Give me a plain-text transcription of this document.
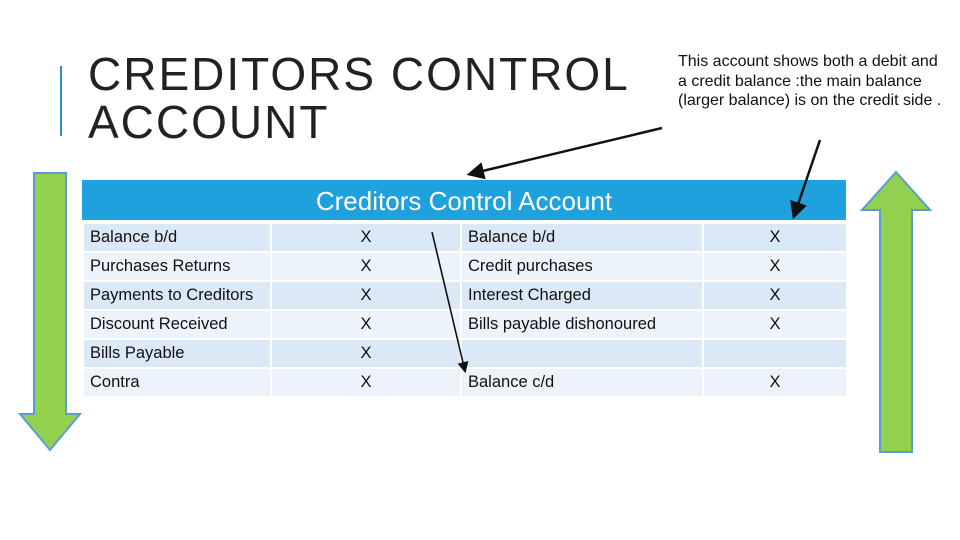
CREDITORS CONTROL
ACCOUNT
This account shows both a debit and a credit balance :the main balance (larger balance) is on the credit side .
Creditors Control Account
Balance b/d	X	Balance b/d	X
Purchases Returns	X	Credit purchases	X
Payments to Creditors	X	Interest Charged	X
Discount Received	X	Bills payable dishonoured	X
Bills Payable	X		
Contra	X	Balance c/d	X
